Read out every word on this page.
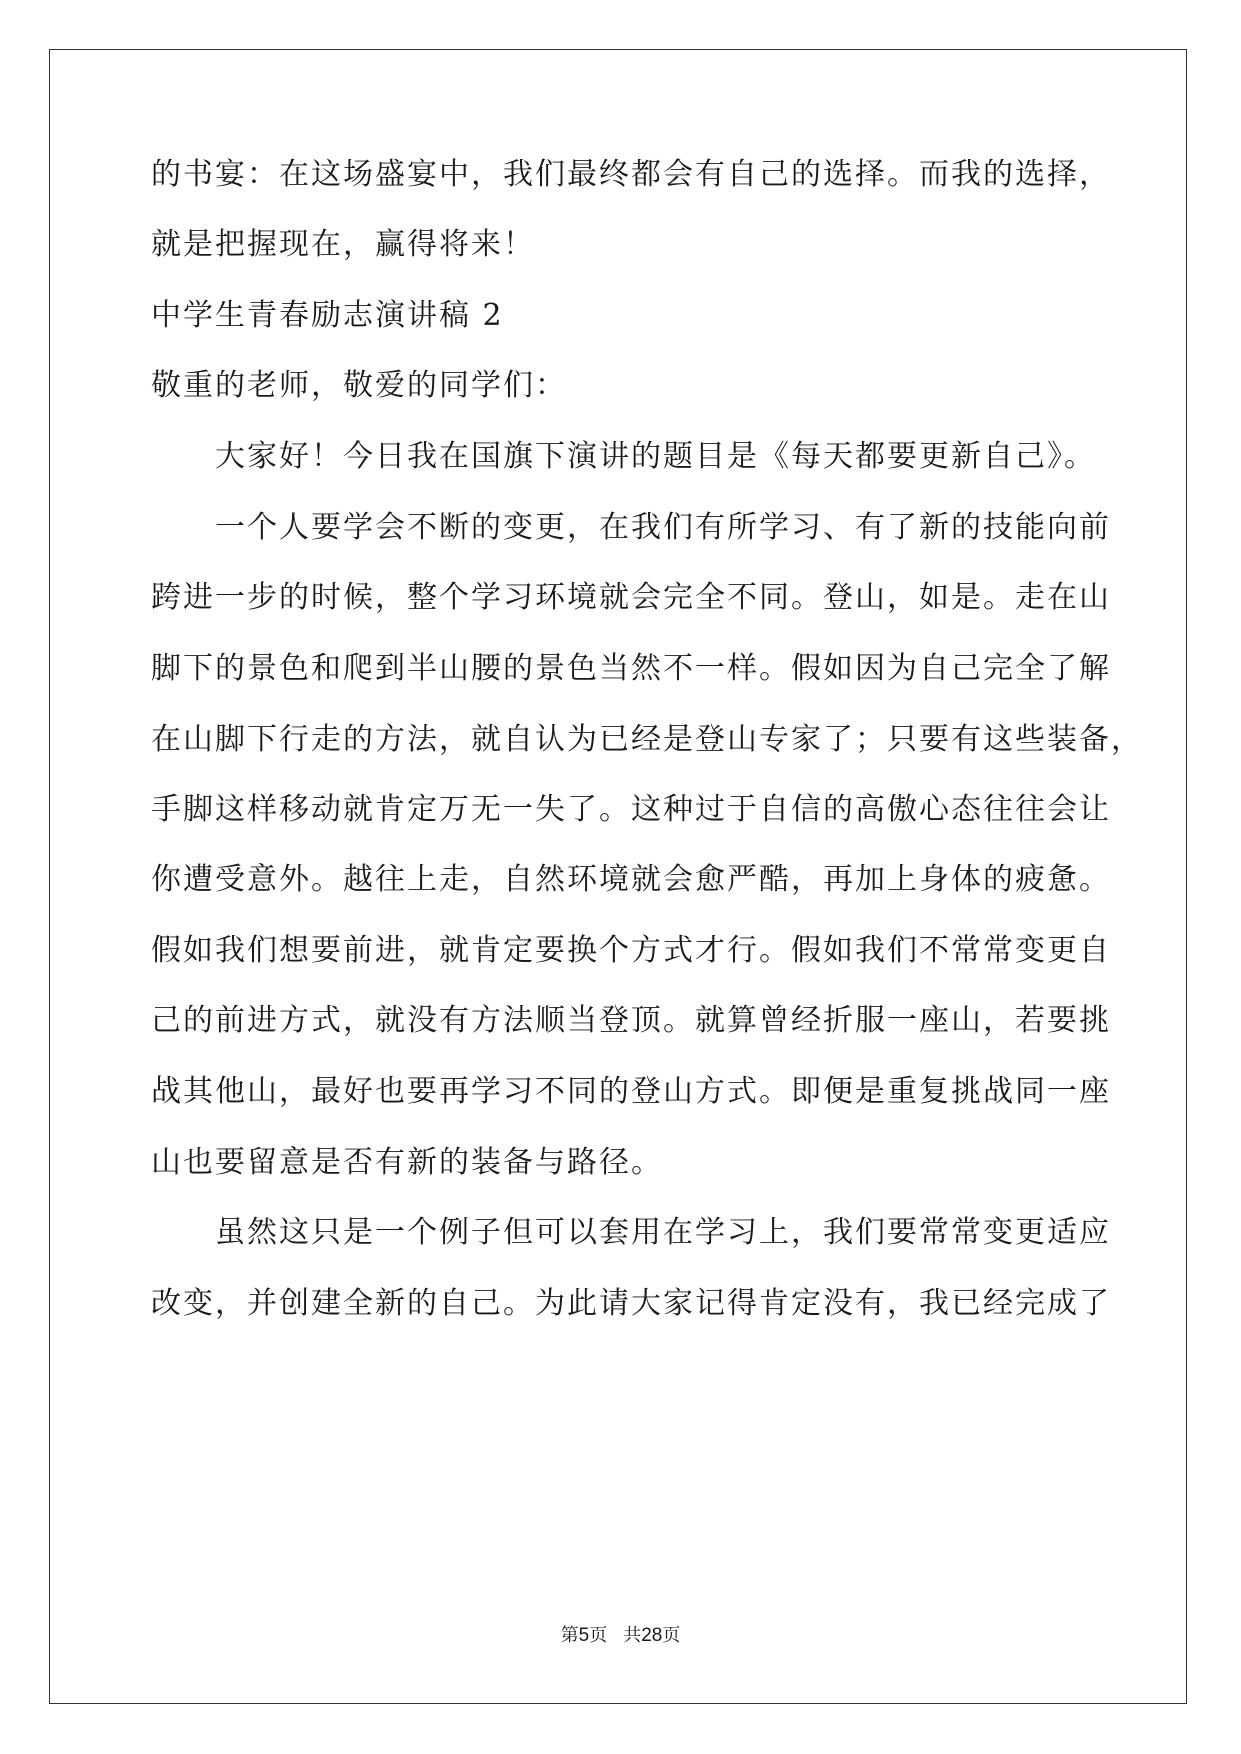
的书宴：在这场盛宴中，我们最终都会有自己的选择。而我的选择，
就是把握现在，赢得将来！
中学生青春励志演讲稿 2
敬重的老师，敬爱的同学们：
大家好！今日我在国旗下演讲的题目是《每天都要更新自己》。
一个人要学会不断的变更，在我们有所学习、有了新的技能向前
跨进一步的时候，整个学习环境就会完全不同。登山，如是。走在山
脚下的景色和爬到半山腰的景色当然不一样。假如因为自己完全了解
在山脚下行走的方法，就自认为已经是登山专家了；只要有这些装备，
手脚这样移动就肯定万无一失了。这种过于自信的高傲心态往往会让
你遭受意外。越往上走，自然环境就会愈严酷，再加上身体的疲惫。
假如我们想要前进，就肯定要换个方式才行。假如我们不常常变更自
己的前进方式，就没有方法顺当登顶。就算曾经折服一座山，若要挑
战其他山，最好也要再学习不同的登山方式。即便是重复挑战同一座
山也要留意是否有新的装备与路径。
虽然这只是一个例子但可以套用在学习上，我们要常常变更适应
改变，并创建全新的自己。为此请大家记得肯定没有，我已经完成了
第5页 共28页
